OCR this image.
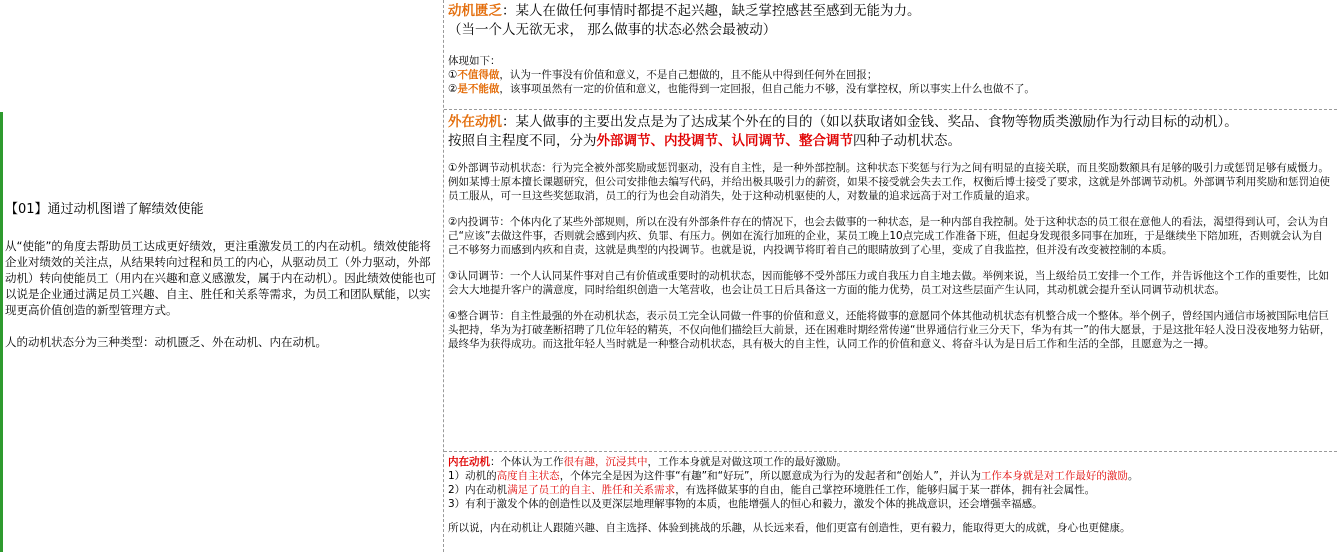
【01】通过动机图谱了解绩效使能

从“使能”的角度去帮助员工达成更好绩效，更注重激发员工的内在动机。绩效使能将企业对绩效的关注点，从结果转向过程和员工的内心，从驱动员工（外力驱动，外部动机）转向使能员工（用内在兴趣和意义感激发，属于内在动机）。因此绩效使能也可以说是企业通过满足员工兴趣、自主、胜任和关系等需求，为员工和团队赋能，以实现更高价值创造的新型管理方式。

人的动机状态分为三种类型：动机匮乏、外在动机、内在动机。

动机匮乏：某人在做任何事情时都提不起兴趣，缺乏掌控感甚至感到无能为力。

（当一个人无欲无求， 那么做事的状态必然会最被动）

体现如下：

①不值得做，认为一件事没有价值和意义，不是自己想做的，且不能从中得到任何外在回报；

②是不能做，该事项虽然有一定的价值和意义，也能得到一定回报，但自己能力不够，没有掌控权，所以事实上什么也做不了。

外在动机：某人做事的主要出发点是为了达成某个外在的目的（如以获取诸如金钱、奖品、食物等物质类激励作为行动目标的动机）。

按照自主程度不同，分为外部调节、内投调节、认同调节、整合调节四种子动机状态。

①外部调节动机状态：行为完全被外部奖励或惩罚驱动，没有自主性，是一种外部控制。这种状态下奖惩与行为之间有明显的直接关联，而且奖励数额具有足够的吸引力或惩罚足够有威慑力。例如某博士原本擅长课题研究，但公司安排他去编写代码，并给出极具吸引力的薪资，如果不接受就会失去工作，权衡后博士接受了要求，这就是外部调节动机。外部调节利用奖励和惩罚迫使员工服从，可一旦这些奖惩取消，员工的行为也会自动消失，处于这种动机驱使的人，对数量的追求远高于对工作质量的追求。

②内投调节：个体内化了某些外部规则，所以在没有外部条件存在的情况下，也会去做事的一种状态，是一种内部自我控制。处于这种状态的员工很在意他人的看法，渴望得到认可，会认为自己“应该”去做这件事，否则就会感到内疚、负罪、有压力。例如在流行加班的企业，某员工晚上10点完成工作准备下班，但起身发现很多同事在加班，于是继续坐下陪加班，否则就会认为自己不够努力而感到内疚和自责，这就是典型的内投调节。也就是说，内投调节将盯着自己的眼睛放到了心里，变成了自我监控，但并没有改变被控制的本质。

③认同调节：一个人认同某件事对自己有价值或重要时的动机状态，因而能够不受外部压力或自我压力自主地去做。举例来说，当上级给员工安排一个工作，并告诉他这个工作的重要性，比如会大大地提升客户的满意度，同时给组织创造一大笔营收，也会让员工日后具备这一方面的能力优势，员工对这些层面产生认同，其动机就会提升至认同调节动机状态。

④整合调节：自主性最强的外在动机状态，表示员工完全认同做一件事的价值和意义，还能将做事的意愿同个体其他动机状态有机整合成一个整体。举个例子，曾经国内通信市场被国际电信巨头把持，华为为打破垄断招聘了几位年轻的精英，不仅向他们描绘巨大前景，还在困难时期经常传递“世界通信行业三分天下，华为有其一”的伟大愿景，于是这批年轻人没日没夜地努力钻研，最终华为获得成功。而这批年轻人当时就是一种整合动机状态，具有极大的自主性，认同工作的价值和意义、将奋斗认为是日后工作和生活的全部，且愿意为之一搏。

内在动机：个体认为工作很有趣，沉浸其中，工作本身就是对做这项工作的最好激励。

1）动机的高度自主状态，个体完全是因为这件事“有趣”和“好玩”，所以愿意成为行为的发起者和“创始人”，并认为工作本身就是对工作最好的激励。

2）内在动机满足了员工的自主、胜任和关系需求，有选择做某事的自由，能自己掌控环境胜任工作，能够归属于某一群体，拥有社会属性。

3）有利于激发个体的创造性以及更深层地理解事物的本质，也能增强人的恒心和毅力，激发个体的挑战意识，还会增强幸福感。

所以说，内在动机让人跟随兴趣、自主选择、体验到挑战的乐趣，从长远来看，他们更富有创造性，更有毅力，能取得更大的成就，身心也更健康。
